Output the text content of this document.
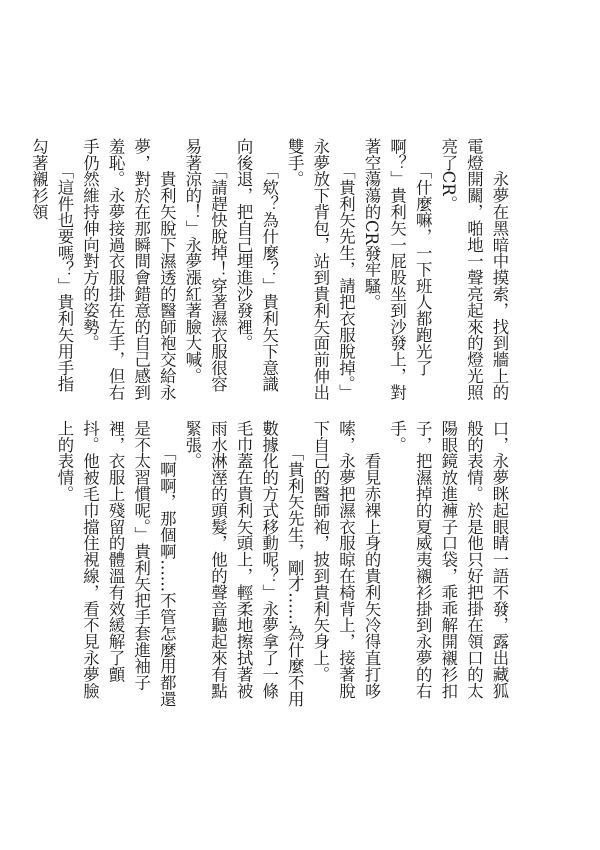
　　永夢在黑暗中摸索，找到牆上的電燈開關，啪地一聲亮起來的燈光照亮了CR。

　　「什麼嘛，一下班人都跑光了啊？」貴利矢一屁股坐到沙發上，對著空蕩蕩的CR發牢騷。

　　「貴利矢先生，請把衣服脫掉。」永夢放下背包，站到貴利矢面前伸出雙手。

　　「欸？為什麼？」貴利矢下意識向後退，把自己埋進沙發裡。

　　「請趕快脫掉！穿著濕衣服很容易著涼的！」永夢漲紅著臉大喊。

　　貴利矢脫下濕透的醫師袍交給永夢，對於在那瞬間會錯意的自己感到羞恥。永夢接過衣服掛在左手，但右手仍然維持伸向對方的姿勢。

　　「這件也要嗎？」貴利矢用手指勾著襯衫領

口，永夢眯起眼睛一語不發，露出藏狐般的表情。於是他只好把掛在領口的太陽眼鏡放進褲子口袋，乖乖解開襯衫扣子，把濕掉的夏威夷襯衫掛到永夢的右手。

　　看見赤裸上身的貴利矢冷得直打哆嗦，永夢把濕衣服晾在椅背上，接著脫下自己的醫師袍，披到貴利矢身上。

　　「貴利矢先生，剛才……為什麼不用數據化的方式移動呢？」永夢拿了一條毛巾蓋在貴利矢頭上，輕柔地擦拭著被雨水淋溼的頭髮，他的聲音聽起來有點緊張。

　　「啊啊，那個啊……不管怎麼用都還是不太習慣呢。」貴利矢把手套進袖子裡，衣服上殘留的體溫有效緩解了顫抖。他被毛巾擋住視線，看不見永夢臉上的表情。
